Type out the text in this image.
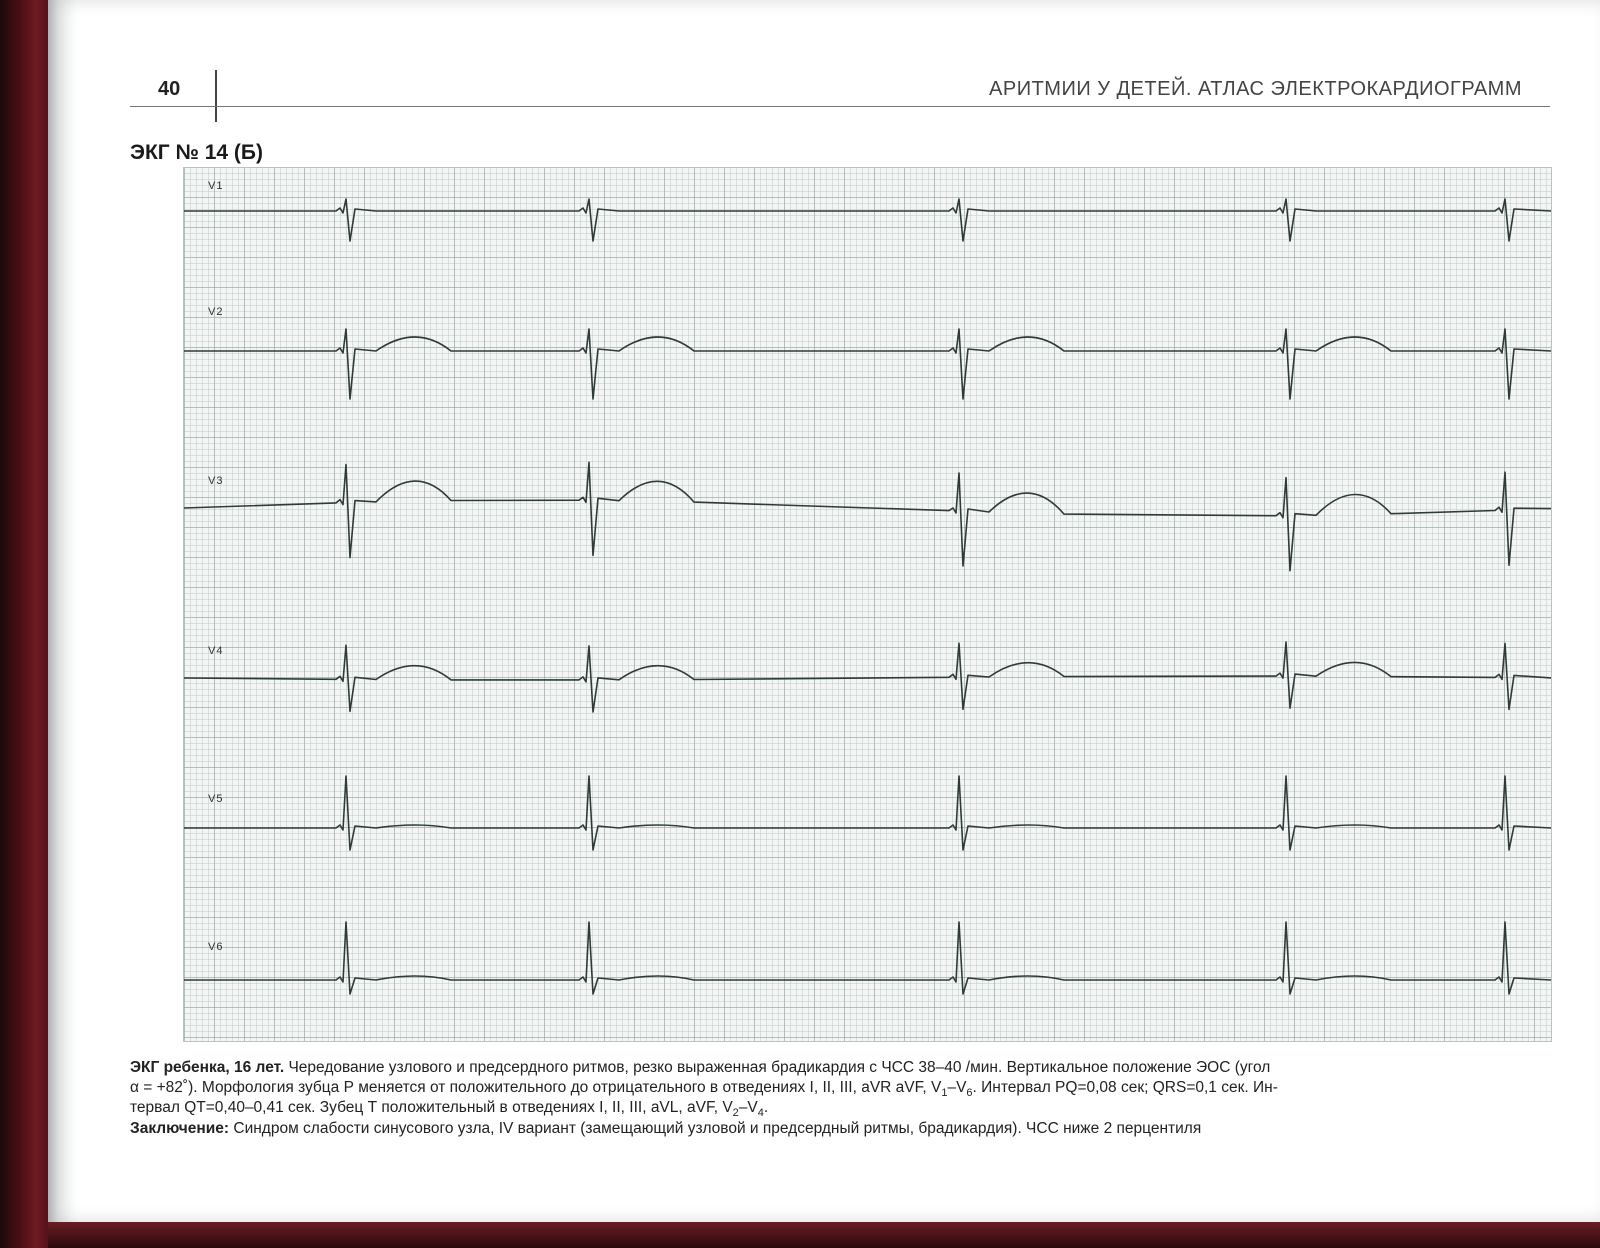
40	АРИТМИИ У ДЕТЕЙ. АТЛАС ЭЛЕКТРОКАРДИОГРАММ
ЭКГ № 14 (Б)
V1
V2
V3
V4
V5
V6
ЭКГ ребенка, 16 лет. Чередование узлового и предсердного ритмов, резко выраженная брадикардия с ЧСС 38–40 /мин. Вертикальное положение ЭОС (угол
α = +82˚). Морфология зубца Р меняется от положительного до отрицательного в отведениях I, II, III, aVR aVF, $V_1-V_6$. Интервал PQ=0,08 сек; QRS=0,1 сек. Ин-
тервал QT=0,40–0,41 сек. Зубец Т положительный в отведениях I, II, III, aVL, aVF, $V_2-V_4$.
Заключение: Синдром слабости синусового узла, IV вариант (замещающий узловой и предсердный ритмы, брадикардия). ЧСС ниже 2 перцентиля
